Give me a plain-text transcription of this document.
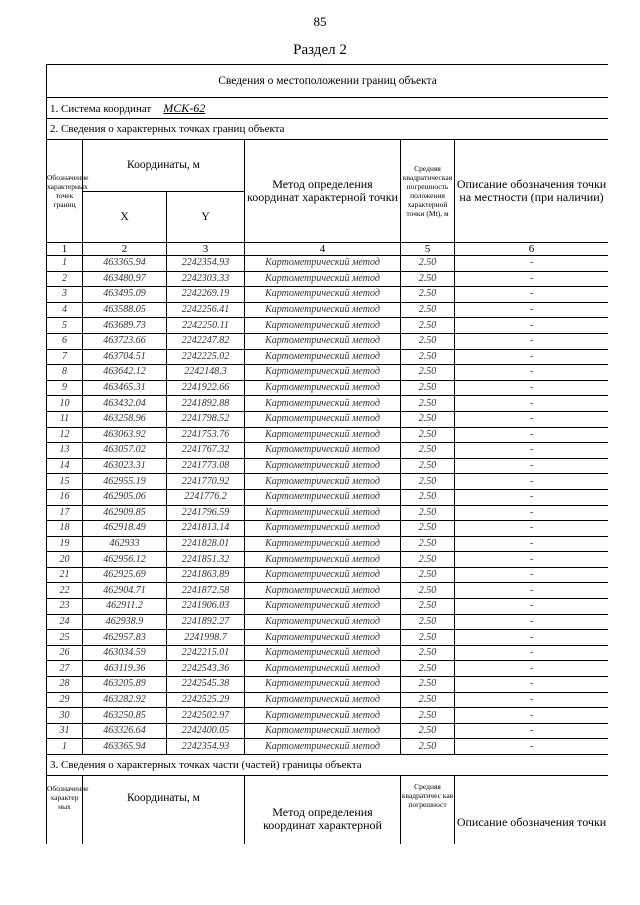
85
Раздел 2
Сведения о местоположении границ объекта					
1. Система координат МСК-62					
2. Сведения о характерных точках границ объекта					
Обозначение характерных точек границ	Координаты, м		Метод определения координат характерной точки	Средняя квадратическая погрешность положения характерной точки (Mt), м	Описание обозначения точки на местности (при наличии)
	X	Y			
1	2	3	4	5	6
1	463365.94	2242354.93	Картометрический метод	2.50	-
2	463480.97	2242303.33	Картометрический метод	2.50	-
3	463495.09	2242269.19	Картометрический метод	2.50	-
4	463588.05	2242256.41	Картометрический метод	2.50	-
5	463689.73	2242250.11	Картометрический метод	2.50	-
6	463723.66	2242247.82	Картометрический метод	2.50	-
7	463704.51	2242225.02	Картометрический метод	2.50	-
8	463642.12	2242148.3	Картометрический метод	2.50	-
9	463465.31	2241922.66	Картометрический метод	2.50	-
10	463432.04	2241892.88	Картометрический метод	2.50	-
11	463258.96	2241798.52	Картометрический метод	2.50	-
12	463063.92	2241753.76	Картометрический метод	2.50	-
13	463057.02	2241767.32	Картометрический метод	2.50	-
14	463023.31	2241773.08	Картометрический метод	2.50	-
15	462955.19	2241770.92	Картометрический метод	2.50	-
16	462905.06	2241776.2	Картометрический метод	2.50	-
17	462909.85	2241796.59	Картометрический метод	2.50	-
18	462918.49	2241813.14	Картометрический метод	2.50	-
19	462933	2241828.01	Картометрический метод	2.50	-
20	462956.12	2241851.32	Картометрический метод	2.50	-
21	462925.69	2241863.89	Картометрический метод	2.50	-
22	462904.71	2241872.58	Картометрический метод	2.50	-
23	462911.2	2241906.03	Картометрический метод	2.50	-
24	462938.9	2241892.27	Картометрический метод	2.50	-
25	462957.83	2241998.7	Картометрический метод	2.50	-
26	463034.59	2242215.01	Картометрический метод	2.50	-
27	463119.36	2242543.36	Картометрический метод	2.50	-
28	463205.89	2242545.38	Картометрический метод	2.50	-
29	463282.92	2242525.29	Картометрический метод	2.50	-
30	463250.85	2242502.97	Картометрический метод	2.50	-
31	463326.64	2242400.05	Картометрический метод	2.50	-
1	463365.94	2242354.93	Картометрический метод	2.50	-
3. Сведения о характерных точках части (частей) границы объекта					
Обозначение характер ных	Координаты, м		Метод определения координат характерной	Средняя квадратичес кая погрешност	Описание обозначения точки
